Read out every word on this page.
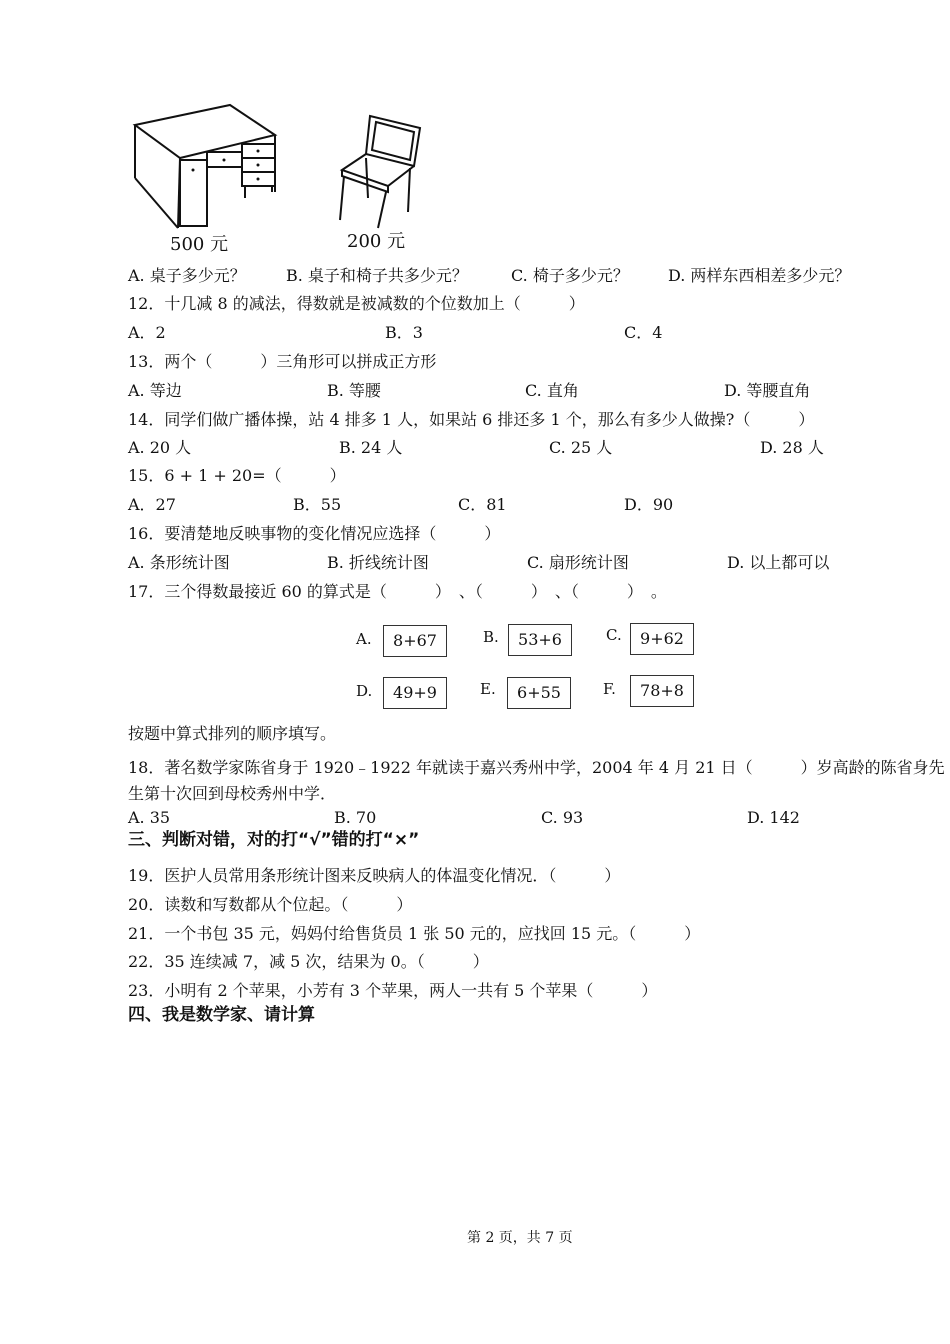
500 元	200 元
A. 桌子多少元？	B. 桌子和椅子共多少元？	C. 椅子多少元？ D. 两样东西相差多少元？
12．十几减 8 的减法，得数就是被减数的个位数加上（　　　）
A．2	B．3	C．4
13．两个（　　　）三角形可以拼成正方形
A. 等边	B. 等腰	C. 直角	D. 等腰直角
14．同学们做广播体操，站 4 排多 1 人，如果站 6 排还多 1 个，那么有多少人做操?（　　　）
A. 20 人	B. 24 人	C. 25 人	D. 28 人
15．6 + 1 + 20=（　　　）
A．27	B．55	C．81	D．90
16．要清楚地反映事物的变化情况应选择（　　　）
A. 条形统计图	B. 折线统计图	C. 扇形统计图	D. 以上都可以
17．三个得数最接近 60 的算式是（　　　）　、（　　　）　、（　　　）　。
A.	8+67	B.	53+6	C.	9+62
D.	49+9	E.	6+55	F.	78+8
按题中算式排列的顺序填写。
18．著名数学家陈省身于 1920﹣1922 年就读于嘉兴秀州中学，2004 年 4 月 21 日（　　　）岁高龄的陈省身先
生第十次回到母校秀州中学．
A. 35	B. 70	C. 93	D. 142
三、判断对错，对的打“√”错的打“×”
19．医护人员常用条形统计图来反映病人的体温变化情况．（　　　）
20．读数和写数都从个位起。（　　　）
21．一个书包 35 元，妈妈付给售货员 1 张 50 元的，应找回 15 元。（　　　）
22．35 连续减 7，减 5 次，结果为 0。（　　　）
23．小明有 2 个苹果，小芳有 3 个苹果，两人一共有 5 个苹果（　　　）
四、我是数学家、请计算
第 2 页，共 7 页
